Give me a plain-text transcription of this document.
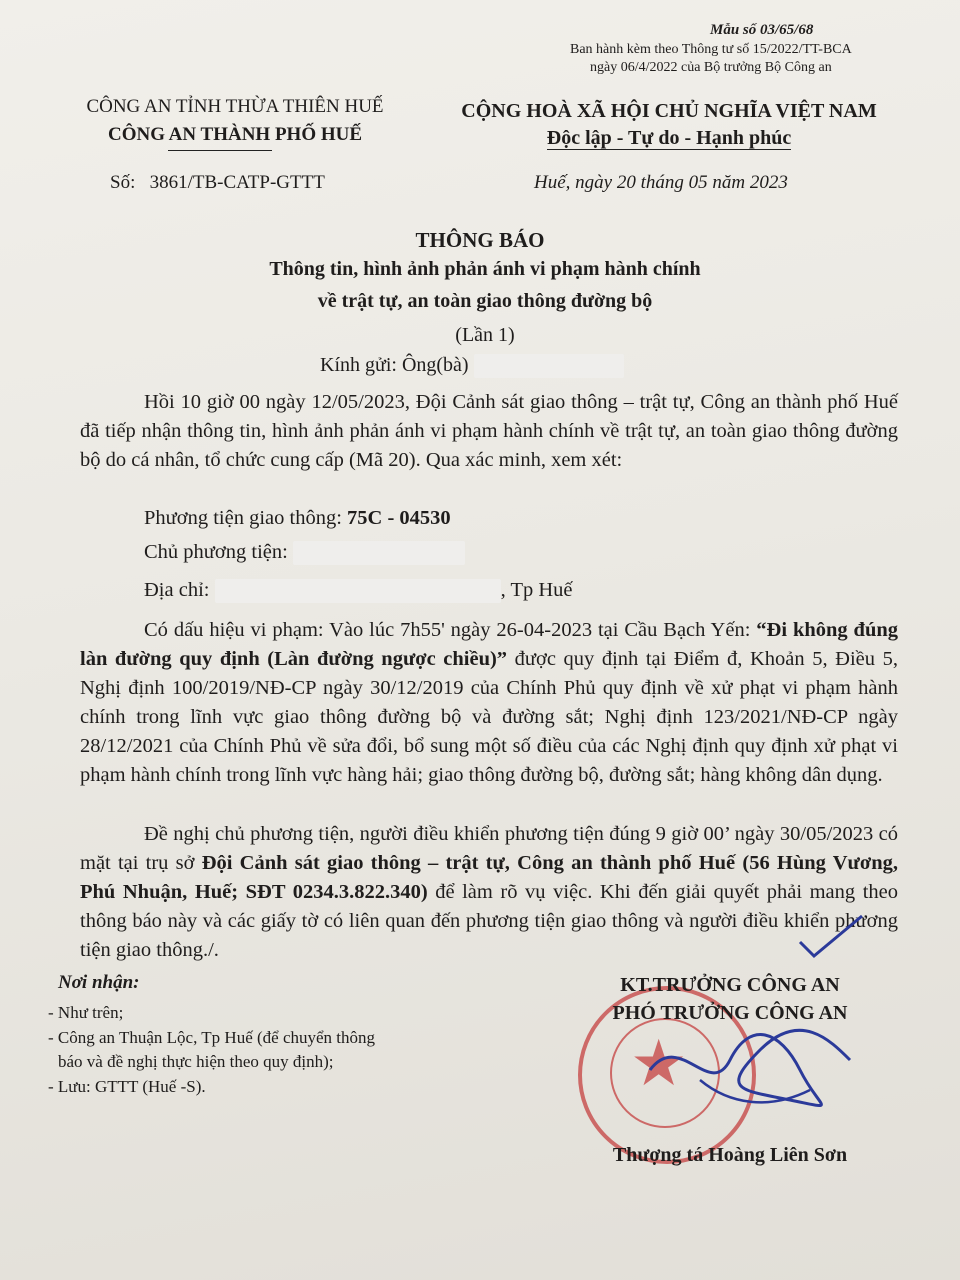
Mẫu số 03/65/68
Ban hành kèm theo Thông tư số 15/2022/TT-BCA
ngày 06/4/2022 của Bộ trưởng Bộ Công an
CÔNG AN TỈNH THỪA THIÊN HUẾ
CÔNG AN THÀNH PHỐ HUẾ
Số: 3861/TB-CATP-GTTT
CỘNG HOÀ XÃ HỘI CHỦ NGHĨA VIỆT NAM
Độc lập - Tự do - Hạnh phúc
Huế, ngày 20 tháng 05 năm 2023
THÔNG BÁO
Thông tin, hình ảnh phản ánh vi phạm hành chính
về trật tự, an toàn giao thông đường bộ
(Lần 1)
Kính gửi: Ông(bà)
Hồi 10 giờ 00 ngày 12/05/2023, Đội Cảnh sát giao thông – trật tự, Công an thành phố Huế đã tiếp nhận thông tin, hình ảnh phản ánh vi phạm hành chính về trật tự, an toàn giao thông đường bộ do cá nhân, tổ chức cung cấp (Mã 20). Qua xác minh, xem xét:
Phương tiện giao thông: 75C - 04530
Chủ phương tiện:
Địa chỉ:	, Tp Huế
Có dấu hiệu vi phạm: Vào lúc 7h55' ngày 26-04-2023 tại Cầu Bạch Yến: “Đi không đúng làn đường quy định (Làn đường ngược chiều)” được quy định tại Điểm đ, Khoản 5, Điều 5, Nghị định 100/2019/NĐ-CP ngày 30/12/2019 của Chính Phủ quy định về xử phạt vi phạm hành chính trong lĩnh vực giao thông đường bộ và đường sắt; Nghị định 123/2021/NĐ-CP ngày 28/12/2021 của Chính Phủ về sửa đổi, bổ sung một số điều của các Nghị định quy định xử phạt vi phạm hành chính trong lĩnh vực hàng hải; giao thông đường bộ, đường sắt; hàng không dân dụng.
Đề nghị chủ phương tiện, người điều khiển phương tiện đúng 9 giờ 00’ ngày 30/05/2023 có mặt tại trụ sở Đội Cảnh sát giao thông – trật tự, Công an thành phố Huế (56 Hùng Vương, Phú Nhuận, Huế; SĐT 0234.3.822.340) để làm rõ vụ việc. Khi đến giải quyết phải mang theo thông báo này và các giấy tờ có liên quan đến phương tiện giao thông và người điều khiển phương tiện giao thông./.
Nơi nhận:
- Như trên;
- Công an Thuận Lộc, Tp Huế (để chuyển thông
báo và đề nghị thực hiện theo quy định);
- Lưu: GTTT (Huế -S).	★
KT.TRƯỞNG CÔNG AN
PHÓ TRƯỞNG CÔNG AN
Thượng tá Hoàng Liên Sơn
